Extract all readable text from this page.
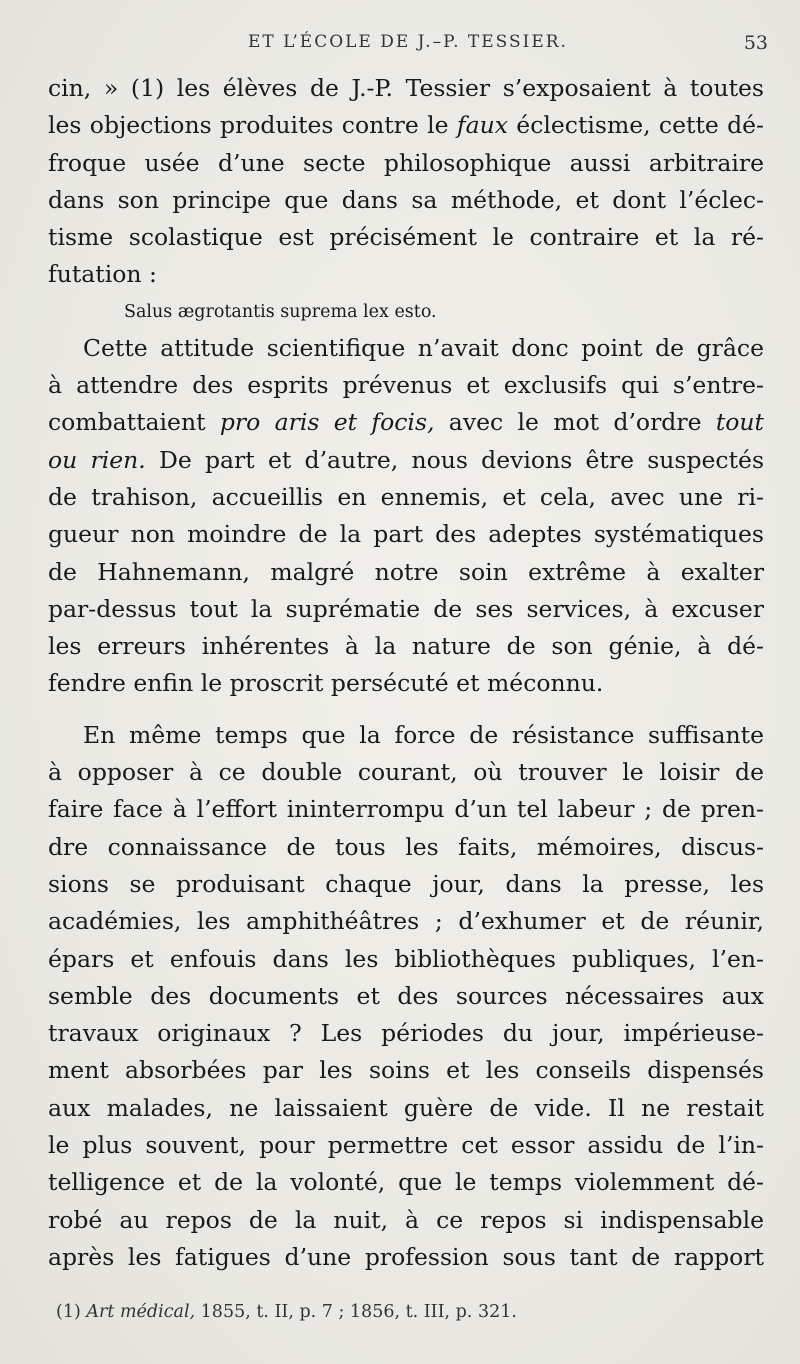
ET L’ÉCOLE DE J.–P. TESSIER.	53
cin, » (1) les élèves de J.-P. Tessier s’exposaient à toutes
les objections produites contre le faux éclectisme, cette dé-
froque usée d’une secte philosophique aussi arbitraire
dans son principe que dans sa méthode, et dont l’éclec-
tisme scolastique est précisément le contraire et la ré-
futation :
Salus ægrotantis suprema lex esto.
Cette attitude scientifique n’avait donc point de grâce
à attendre des esprits prévenus et exclusifs qui s’entre-
combattaient pro aris et focis, avec le mot d’ordre tout
ou rien. De part et d’autre, nous devions être suspectés
de trahison, accueillis en ennemis, et cela, avec une ri-
gueur non moindre de la part des adeptes systématiques
de Hahnemann, malgré notre soin extrême à exalter
par-dessus tout la suprématie de ses services, à excuser
les erreurs inhérentes à la nature de son génie, à dé-
fendre enfin le proscrit persécuté et méconnu.
En même temps que la force de résistance suffisante
à opposer à ce double courant, où trouver le loisir de
faire face à l’effort ininterrompu d’un tel labeur ; de pren-
dre connaissance de tous les faits, mémoires, discus-
sions se produisant chaque jour, dans la presse, les
académies, les amphithéâtres ; d’exhumer et de réunir,
épars et enfouis dans les bibliothèques publiques, l’en-
semble des documents et des sources nécessaires aux
travaux originaux ? Les périodes du jour, impérieuse-
ment absorbées par les soins et les conseils dispensés
aux malades, ne laissaient guère de vide. Il ne restait
le plus souvent, pour permettre cet essor assidu de l’in-
telligence et de la volonté, que le temps violemment dé-
robé au repos de la nuit, à ce repos si indispensable
après les fatigues d’une profession sous tant de rapport
(1) Art médical, 1855, t. II, p. 7 ; 1856, t. III, p. 321.
